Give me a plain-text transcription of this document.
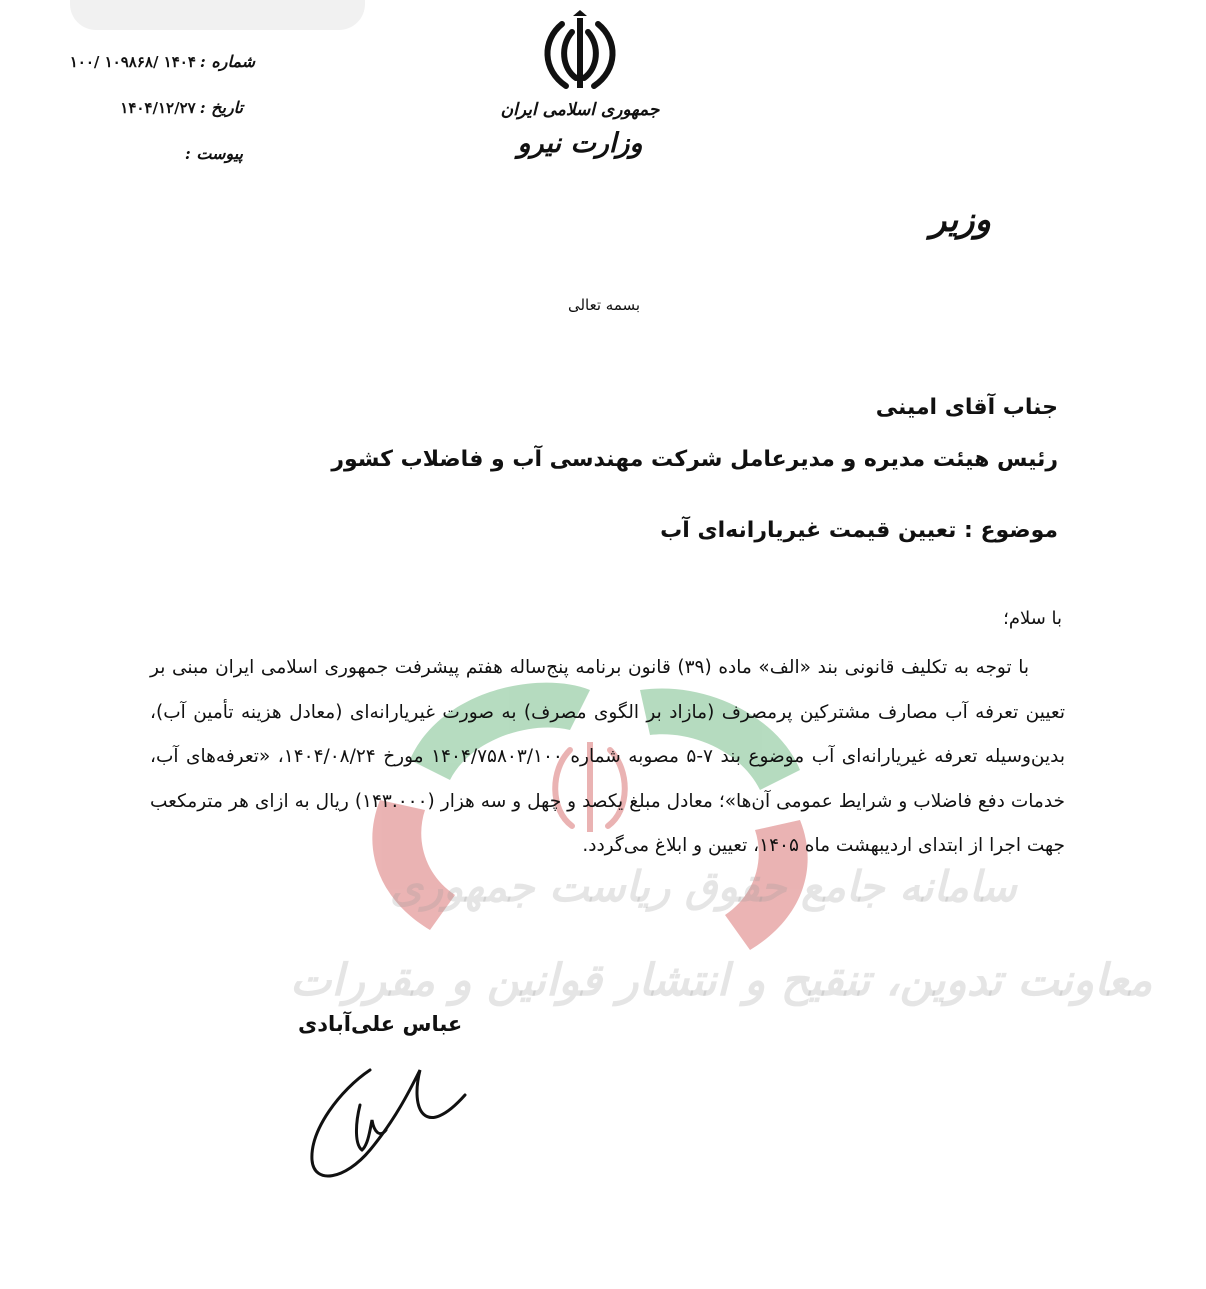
شماره :
۱۰۰/ ۱۰۹۸۶۸/ ۱۴۰۴
تاریخ :
۱۴۰۴/۱۲/۲۷
پیوست :
جمهوری اسلامی ایران
وزارت نیرو
وزیر
بسمه تعالی
سامانه جامع حقوق ریاست جمهوری
معاونت تدوین، تنقیح و انتشار قوانین و مقررات
جناب آقای امینی
رئیس هیئت مدیره و مدیرعامل شرکت مهندسی آب و فاضلاب کشور
موضوع : تعیین قیمت غیریارانه‌ای آب
با سلام؛

با توجه به تکلیف قانونی بند «الف» ماده (۳۹) قانون برنامه پنج‌ساله هفتم پیشرفت جمهوری اسلامی ایران مبنی بر تعیین تعرفه آب مصارف مشترکین پرمصرف (مازاد بر الگوی مصرف) به صورت غیریارانه‌ای (معادل هزینه تأمین آب)، بدین‌وسیله تعرفه غیریارانه‌ای آب موضوع بند ۷-۵ مصوبه شماره ۱۴۰۴/۷۵۸۰۳/۱۰۰ مورخ ۱۴۰۴/۰۸/۲۴، «تعرفه‌های آب، خدمات دفع فاضلاب و شرایط عمومی آن‌ها»؛ معادل مبلغ یکصد و چهل و سه هزار (۱۴۳.۰۰۰) ریال به ازای هر مترمکعب جهت اجرا از ابتدای اردیبهشت ماه ۱۴۰۵، تعیین و ابلاغ می‌گردد.

عباس علی‌آبادی
